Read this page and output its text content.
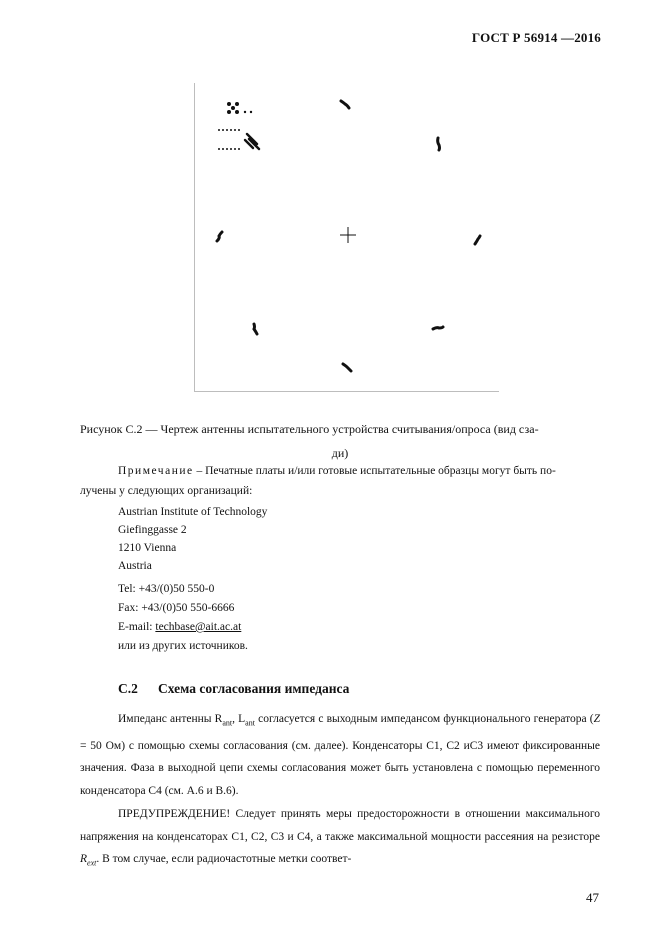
ГОСТ Р 56914 —2016
Рисунок С.2 — Чертеж антенны испытательного устройства считывания/опроса (вид сза-
ди)
Примечание – Печатные платы и/или готовые испытательные образцы могут быть по-
лучены у следующих организаций:
Austrian Institute of Technology
Giefinggasse 2
1210 Vienna
Austria
Tel: +43/(0)50 550-0
Fax: +43/(0)50 550-6666
E-mail: techbase@ait.ac.at
или из других источников.
C.2 Схема согласования импеданса

Импеданс антенны $R_{ant}$, $L_{ant}$ согласуется с выходным импедансом функционального генератора (Z = 50 Ом) с помощью схемы согласования (см. далее). Конденсаторы C1, C2 иC3 имеют фиксированные значения. Фаза в выходной цепи схемы согласования может быть установлена с помощью переменного конденсатора C4 (см. А.6 и В.6).

ПРЕДУПРЕЖДЕНИЕ! Следует принять меры предосторожности в отношении максимального напряжения на конденсаторах C1, C2, C3 и C4, а также максимальной мощности рассеяния на резисторе $R_{ext}$. В том случае, если радиочастотные метки соответ-

47
